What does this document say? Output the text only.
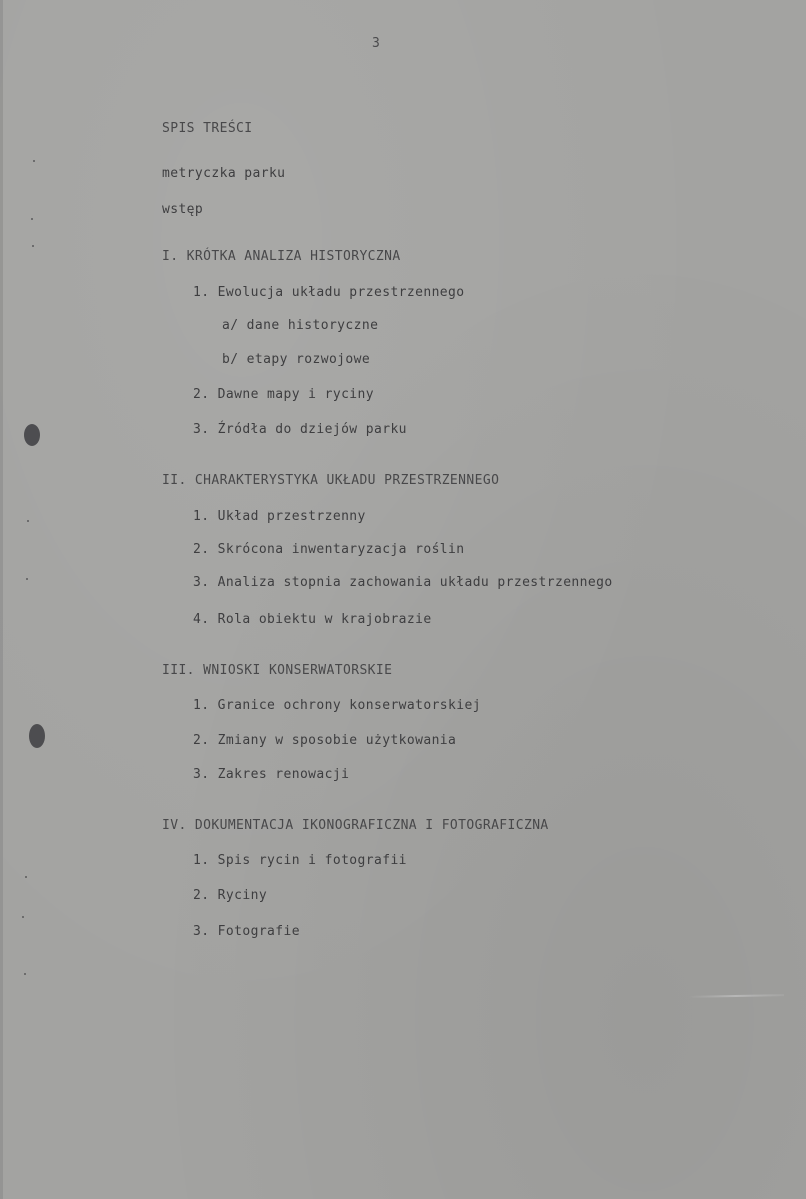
3
SPIS TREŚCI
metryczka parku
wstęp
I. KRÓTKA ANALIZA HISTORYCZNA
1. Ewolucja układu przestrzennego
a/ dane historyczne
b/ etapy rozwojowe
2. Dawne mapy i ryciny
3. Źródła do dziejów parku
II. CHARAKTERYSTYKA UKŁADU PRZESTRZENNEGO
1. Układ przestrzenny
2. Skrócona inwentaryzacja roślin
3. Analiza stopnia zachowania układu przestrzennego
4. Rola obiektu w krajobrazie
III. WNIOSKI KONSERWATORSKIE
1. Granice ochrony konserwatorskiej
2. Zmiany w sposobie użytkowania
3. Zakres renowacji
IV. DOKUMENTACJA IKONOGRAFICZNA I FOTOGRAFICZNA
1. Spis rycin i fotografii
2. Ryciny
3. Fotografie
